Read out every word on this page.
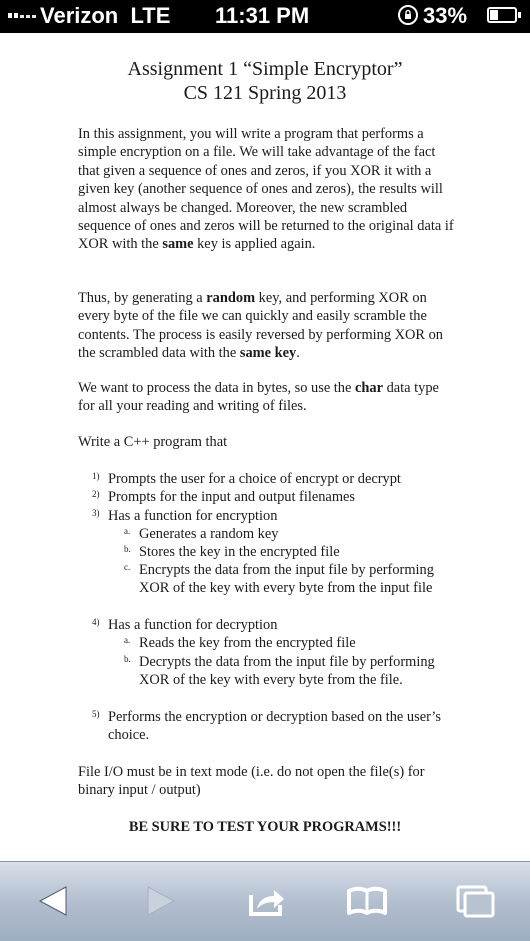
Verizon LTE 11:31 PM	33%
Assignment 1 “Simple Encryptor”
CS 121 Spring 2013

In this assignment, you will write a program that performs a simple encryption on a file. We will take advantage of the fact that given a sequence of ones and zeros, if you XOR it with a given key (another sequence of ones and zeros), the results will almost always be changed. Moreover, the new scrambled sequence of ones and zeros will be returned to the original data if XOR with the same key is applied again.

Thus, by generating a random key, and performing XOR on every byte of the file we can quickly and easily scramble the contents. The process is easily reversed by performing XOR on the scrambled data with the same key.

We want to process the data in bytes, so use the char data type for all your reading and writing of files.

Write a C++ program that

1) Prompts the user for a choice of encrypt or decrypt
2) Prompts for the input and output filenames
3) Has a function for encryption
a. Generates a random key
b. Stores the key in the encrypted file
c. Encrypts the data from the input file by performing XOR of the key with every byte from the input file
4) Has a function for decryption
a. Reads the key from the encrypted file
b. Decrypts the data from the input file by performing XOR of the key with every byte from the file.
5) Performs the encryption or decryption based on the user’s choice.

File I/O must be in text mode (i.e. do not open the file(s) for binary input / output)

BE SURE TO TEST YOUR PROGRAMS!!!
